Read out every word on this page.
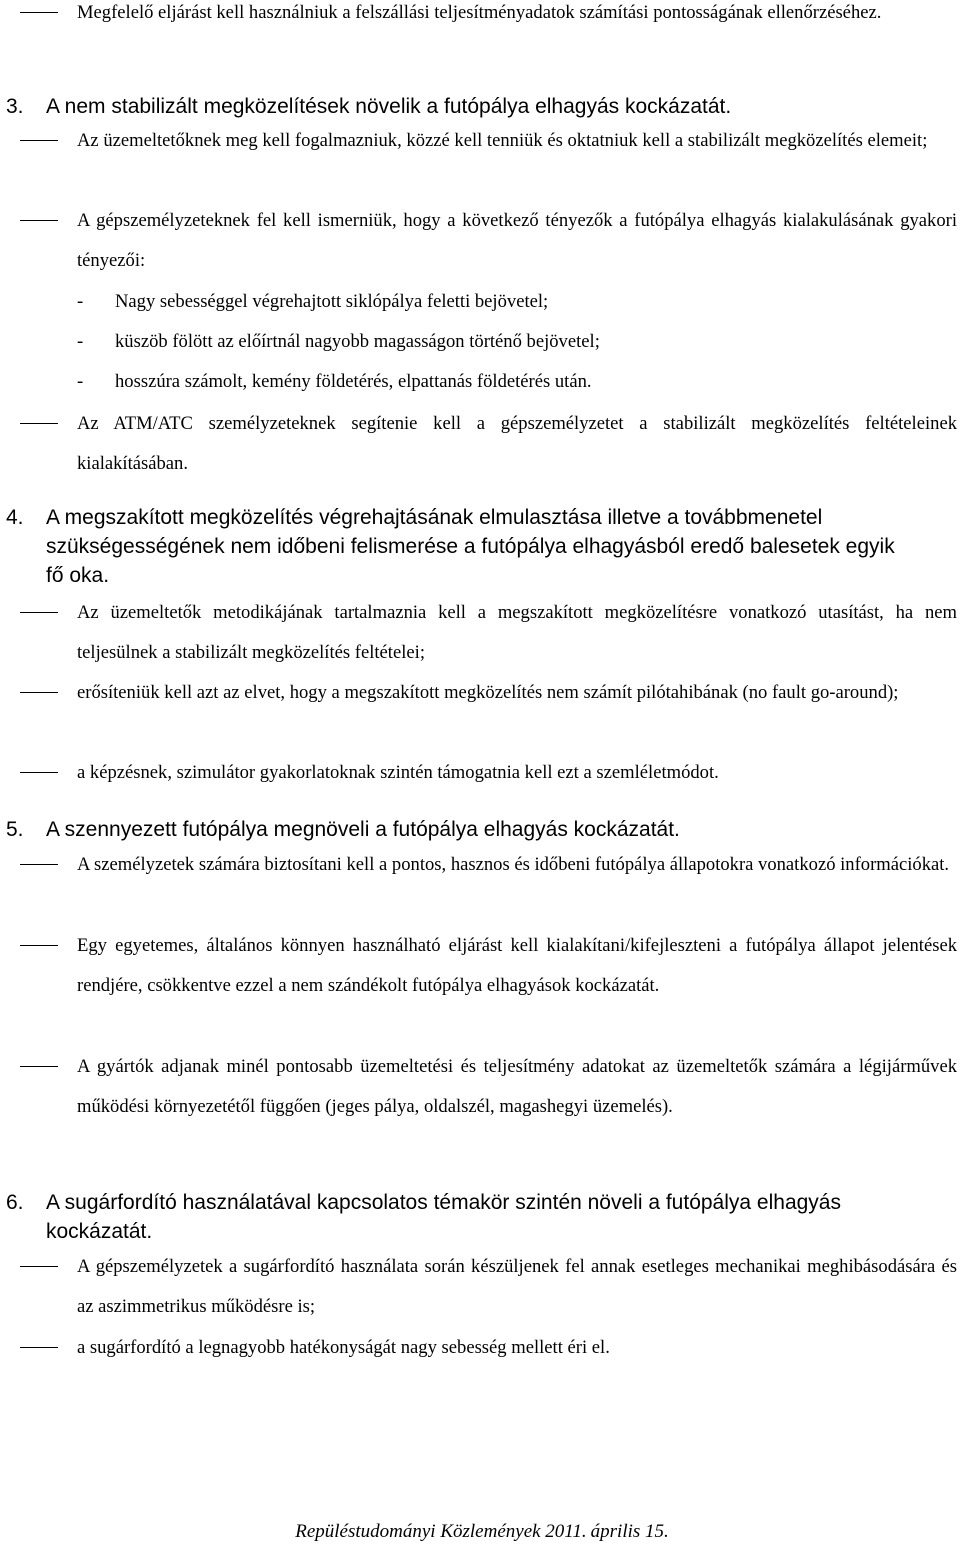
Megfelelő eljárást kell használniuk a felszállási teljesítményadatok számítási pontosságának ellenőrzéséhez.
3. A nem stabilizált megközelítések növelik a futópálya elhagyás kockázatát.
Az üzemeltetőknek meg kell fogalmazniuk, közzé kell tenniük és oktatniuk kell a stabilizált megközelítés elemeit;
A gépszemélyzeteknek fel kell ismerniük, hogy a következő tényezők a futópálya elhagyás kialakulásának gyakori tényezői:
- Nagy sebességgel végrehajtott siklópálya feletti bejövetel;
- küszöb fölött az előírtnál nagyobb magasságon történő bejövetel;
- hosszúra számolt, kemény földetérés, elpattanás földetérés után.
Az ATM/ATC személyzeteknek segítenie kell a gépszemélyzetet a stabilizált megközelítés feltételeinek kialakításában.
4. A megszakított megközelítés végrehajtásának elmulasztása illetve a továbbmenetel szükségességének nem időbeni felismerése a futópálya elhagyásból eredő balesetek egyik fő oka.
Az üzemeltetők metodikájának tartalmaznia kell a megszakított megközelítésre vonatkozó utasítást, ha nem teljesülnek a stabilizált megközelítés feltételei;
erősíteniük kell azt az elvet, hogy a megszakított megközelítés nem számít pilótahibának (no fault go-around);
a képzésnek, szimulátor gyakorlatoknak szintén támogatnia kell ezt a szemléletmódot.
5. A szennyezett futópálya megnöveli a futópálya elhagyás kockázatát.
A személyzetek számára biztosítani kell a pontos, hasznos és időbeni futópálya állapotokra vonatkozó információkat.
Egy egyetemes, általános könnyen használható eljárást kell kialakítani/kifejleszteni a futópálya állapot jelentések rendjére, csökkentve ezzel a nem szándékolt futópálya elhagyások kockázatát.
A gyártók adjanak minél pontosabb üzemeltetési és teljesítmény adatokat az üzemeltetők számára a légijárművek működési környezetétől függően (jeges pálya, oldalszél, magashegyi üzemelés).
6. A sugárfordító használatával kapcsolatos témakör szintén növeli a futópálya elhagyás kockázatát.
A gépszemélyzetek a sugárfordító használata során készüljenek fel annak esetleges mechanikai meghibásodására és az aszimmetrikus működésre is;
a sugárfordító a legnagyobb hatékonyságát nagy sebesség mellett éri el.
Repüléstudományi Közlemények 2011. április 15.
